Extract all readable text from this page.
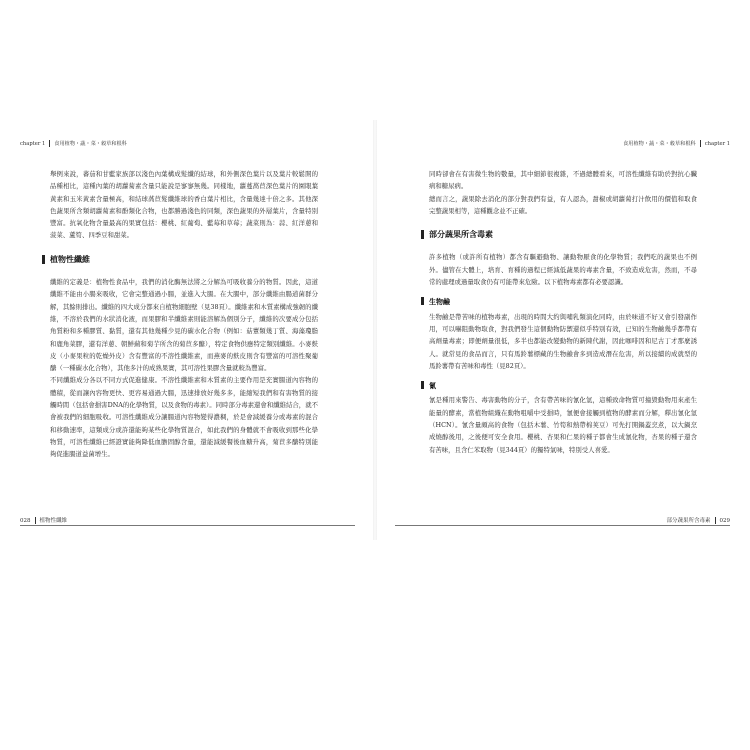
chapter 1 食用植物・蔬・菜・穀草和根科

舉例來說，蕃茄和甘藍家族部以淺色內葉構成髮纖的結球，和外側深色葉片以及葉片較鬆開的品種相比，這種內葉的胡蘿蔔素含量只能說是寥寥無幾。同樣地，蘿蔓萵苣深色葉片的園眼葉黃素和玉米黃素含量極高，和結球萵苣髮纖維球的香白葉片相比，含量幾達十倍之多。其他深色蔬果所含類胡蘿蔔素和酚類化合物，也都勝過淺色的同類，深色蔬果的外層葉片，含量特別豐富。抗氧化物含量最高的果實包括：櫻桃、紅葡萄、藍莓和草莓；蔬菜則為：蒜、紅洋蔥和菠菜、蘆筍、四季豆和甜菜。

植物性纖維

纖維的定義是：植物性食品中，我們的消化酶無法將之分解為可吸收養分的物質。因此，這道纖維不能由小腸來吸收，它會完整通過小腸，並進入大腸。在大腸中，部分纖維由腸道菌群分解，其餘則排出。纖維的四大成分都來自植物細胞壁（見38頁）。纖維素和木質素構成強韌的纖維，不溶於我們的水狀消化液，而果膠和半纖維素則能溶解為個別分子，纖維的次要成分包括角質粉和多種膠質、黏質，還有其他幾種少見的碳水化合物（例如：菇蕈類幾丁質、海藻瓊脂和鹿角菜膠，還有洋蔥、朝鮮薊和菊芋所含的菊苣多醣），特定食物供應特定類別纖維。小麥麩皮（小麥果粒的乾燥外皮）含有豐富的不溶性纖維素，而燕麥的麩皮則含有豐富的可溶性聚葡醣（一種碳水化合物），其他多汁的成熟果實，其可溶性果膠含量就較為豐富。

不同纖維成分各以不同方式促進健康。不溶性纖維素和木質素的主要作用是充實腸道內容物的體積，從而讓內容物更快、更容易通過大腸，迅速排放好幾多多，能縮短我們和有害物質的接觸時間（包括會損害DNA的化學物質，以及食物的毒素）。同時部分毒素還會和纖維結合，就不會被我們的細胞吸收。可溶性纖維成分讓腸道內容物變得濃稠，於是會減緩養分或毒素的混合和移動速率，這類成分或許還能夠某些化學物質混合，如此我們的身體就不會吸收到那些化學物質，可溶性纖維已經證實能夠降低血膽固醇含量，還能減緩餐後血糖升高，菊苣多醣特別能夠促進腸道益菌增生。

028 植物性纖維
食用植物・蔬・菜・穀草和根科 chapter 1

同時卻會在有害微生物的數量，其中細節很複雜，不過總體看來，可溶性纖維有助於對抗心臟病和糖尿病。

總而言之，蔬果除去消化的部分對我們有益，有人認為，甜椒或胡蘿蔔打汁飲用的價值和取食完整蔬果相等，這種觀念並不正確。

部分蔬果所含毒素

許多植物（或許所有植物）都含有驅避動物、讓動物厭食的化學物質；我們吃的蔬果也不例外。儘管在大體上，培育、育種的過程已經減低蔬果的毒素含量，不致造成危害，然而，不尋常的處理或過量取食仍有可能帶來危險。以下植物毒素都有必要認識。

生物鹼

生物鹼是帶苦味的植物毒素，出現的時間大約與哺乳類演化同時，由於味道不好又會引發副作用，可以嚇阻動物取食，對我們發生這個動物防禦還似乎特別有效，已知的生物鹼幾乎都帶有高劑量毒素；即便劑量很低，多半也都能改變動物的新陳代謝，因此咖啡因和尼古丁才那麼誘人。就常見的食品而言，只有馬鈴薯標藏的生物鹼會多到造成潛在危害，所以接續的成就型的馬鈴薯帶有苦味和毒性（見82頁）。

氰

氰是種用來警告、毒害動物的分子，含有帶苦味的氰化氫，這種致命物質可撞毀動物用來產生能量的酵素，當植物組織在動物咀嚼中受損時，氰便會接觸到植物的酵素而分解，釋出氰化氫（HCN）。氰含量頗高的食物（包括木薯、竹筍和熱帶棉荚豆）可先打開鍋蓋烹煮，以大鍋烹成燒醇後用，之後便可安全食用。櫻桃、杏果和仁果的種子都會生成氰化物，杏果的種子還含有苦味，且含仁苯取物（見344頁）的獨特氣味，特別受人喜愛。

部分蔬果所含毒素 029
